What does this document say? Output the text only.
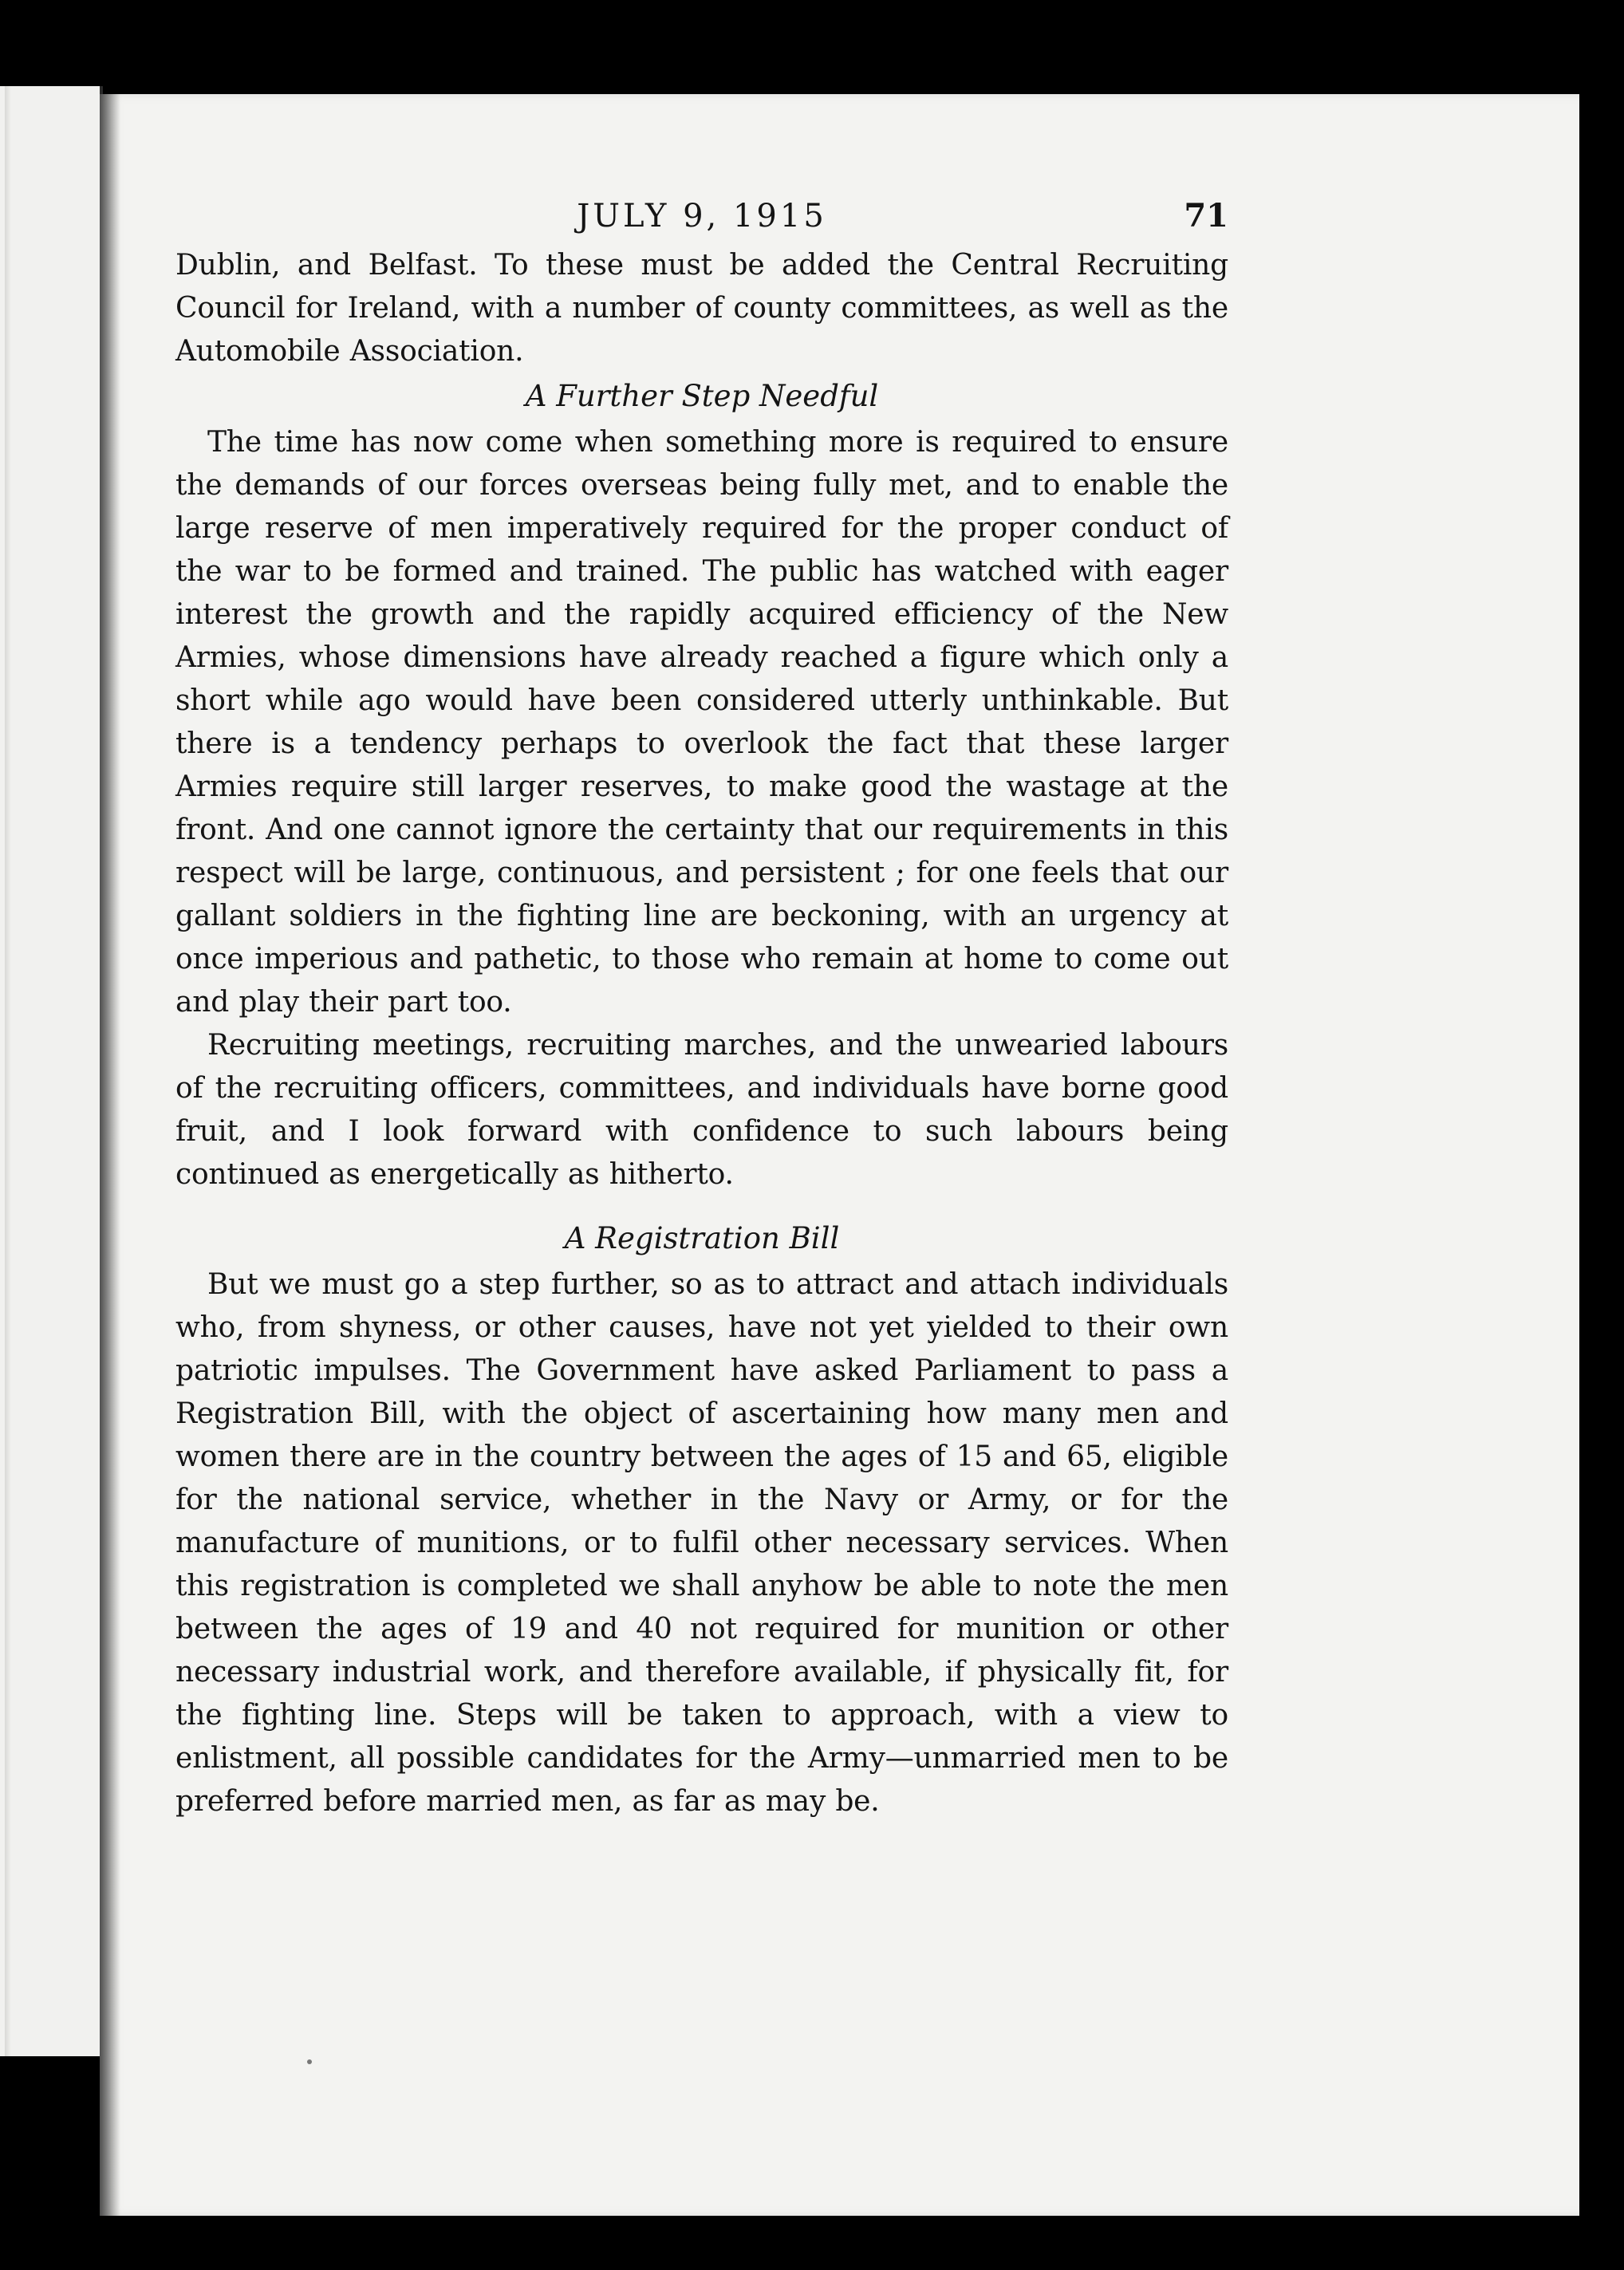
JULY 9, 1915	71

Dublin, and Belfast. To these must be added the Central Recruiting Council for Ireland, with a number of county committees, as well as the Automobile Association.

A Further Step Needful

The time has now come when something more is required to ensure the demands of our forces overseas being fully met, and to enable the large reserve of men imperatively required for the proper conduct of the war to be formed and trained. The public has watched with eager interest the growth and the rapidly acquired efficiency of the New Armies, whose dimensions have already reached a figure which only a short while ago would have been considered utterly unthinkable. But there is a tendency perhaps to overlook the fact that these larger Armies require still larger reserves, to make good the wastage at the front. And one cannot ignore the certainty that our requirements in this respect will be large, continuous, and persistent ; for one feels that our gallant soldiers in the fighting line are beckoning, with an urgency at once imperious and pathetic, to those who remain at home to come out and play their part too.

Recruiting meetings, recruiting marches, and the unwearied labours of the recruiting officers, committees, and individuals have borne good fruit, and I look forward with confidence to such labours being continued as energetically as hitherto.

A Registration Bill

But we must go a step further, so as to attract and attach individuals who, from shyness, or other causes, have not yet yielded to their own patriotic impulses. The Government have asked Parliament to pass a Registration Bill, with the object of ascertaining how many men and women there are in the country between the ages of 15 and 65, eligible for the national service, whether in the Navy or Army, or for the manufacture of munitions, or to fulfil other necessary services. When this registration is completed we shall anyhow be able to note the men between the ages of 19 and 40 not required for munition or other necessary industrial work, and therefore available, if physically fit, for the fighting line. Steps will be taken to approach, with a view to enlistment, all possible candidates for the Army—unmarried men to be preferred before married men, as far as may be.
